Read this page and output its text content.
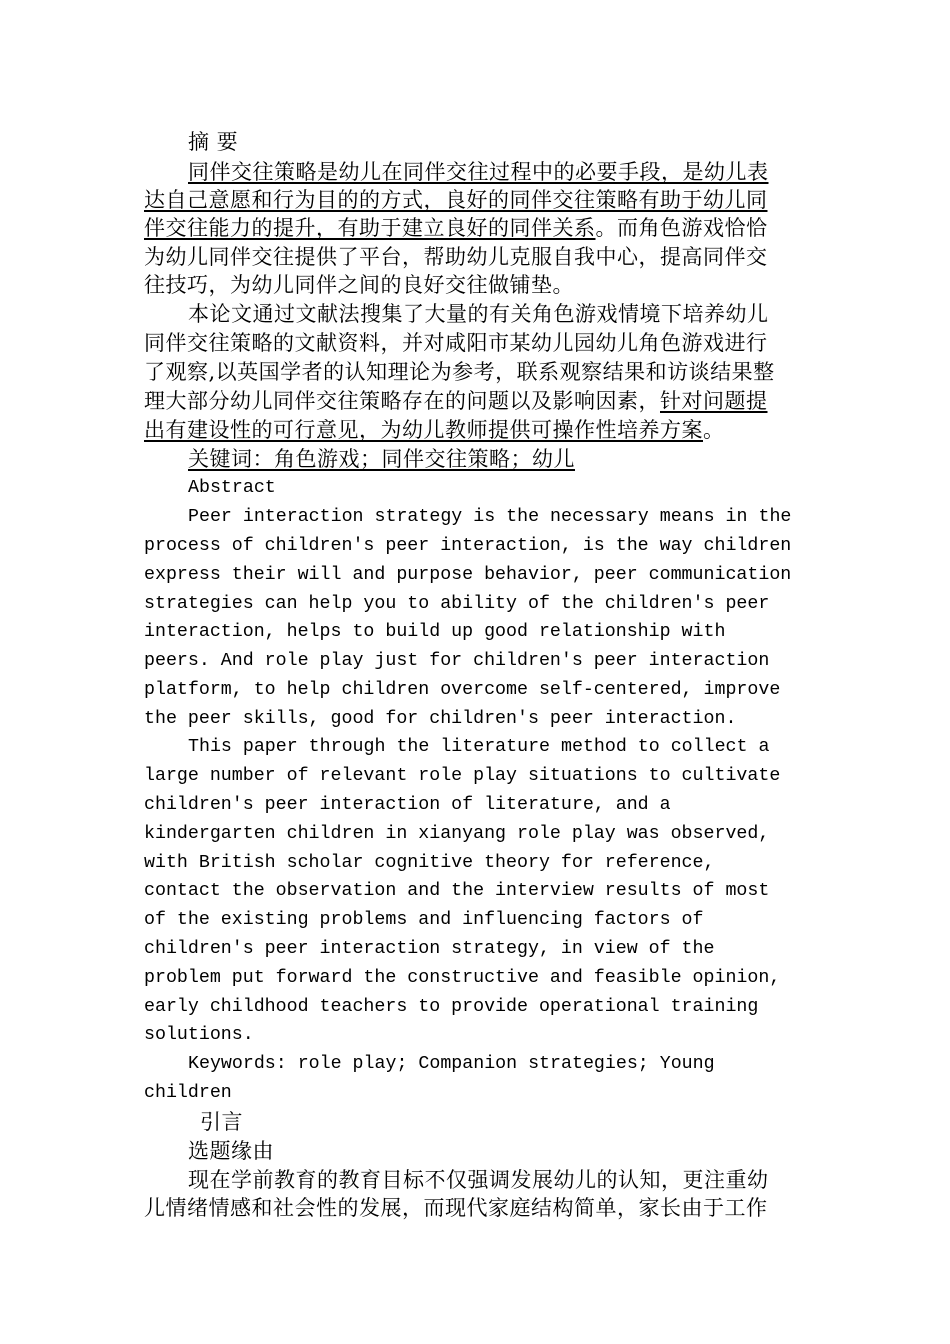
摘 要
同伴交往策略是幼儿在同伴交往过程中的必要手段，是幼儿表
达自己意愿和行为目的的方式，良好的同伴交往策略有助于幼儿同
伴交往能力的提升，有助于建立良好的同伴关系。而角色游戏恰恰
为幼儿同伴交往提供了平台，帮助幼儿克服自我中心，提高同伴交
往技巧，为幼儿同伴之间的良好交往做铺垫。
本论文通过文献法搜集了大量的有关角色游戏情境下培养幼儿
同伴交往策略的文献资料，并对咸阳市某幼儿园幼儿角色游戏进行
了观察,以英国学者的认知理论为参考，联系观察结果和访谈结果整
理大部分幼儿同伴交往策略存在的问题以及影响因素，针对问题提
出有建设性的可行意见，为幼儿教师提供可操作性培养方案。
关键词：角色游戏；同伴交往策略；幼儿
Abstract
Peer interaction strategy is the necessary means in the
process of children's peer interaction, is the way children
express their will and purpose behavior, peer communication
strategies can help you to ability of the children's peer
interaction, helps to build up good relationship with
peers. And role play just for children's peer interaction
platform, to help children overcome self-centered, improve
the peer skills, good for children's peer interaction.
This paper through the literature method to collect a
large number of relevant role play situations to cultivate
children's peer interaction of literature, and a
kindergarten children in xianyang role play was observed,
with British scholar cognitive theory for reference,
contact the observation and the interview results of most
of the existing problems and influencing factors of
children's peer interaction strategy, in view of the
problem put forward the constructive and feasible opinion,
early childhood teachers to provide operational training
solutions.
Keywords: role play; Companion strategies; Young
children
引言
选题缘由
现在学前教育的教育目标不仅强调发展幼儿的认知，更注重幼
儿情绪情感和社会性的发展，而现代家庭结构简单，家长由于工作
